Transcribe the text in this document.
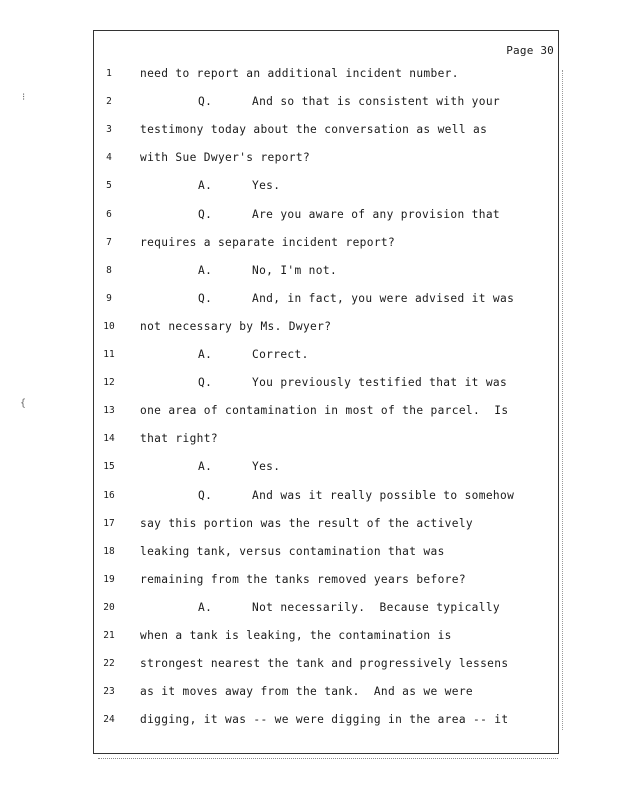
Page 30
1	need to report an additional incident number.
2	Q.	And so that is consistent with your
3	testimony today about the conversation as well as
4	with Sue Dwyer's report?
5	A.	Yes.
6	Q.	Are you aware of any provision that
7	requires a separate incident report?
8	A.	No, I'm not.
9	Q.	And, in fact, you were advised it was
10	not necessary by Ms. Dwyer?
11	A.	Correct.
12	Q.	You previously testified that it was
13	one area of contamination in most of the parcel.  Is
14	that right?
15	A.	Yes.
16	Q.	And was it really possible to somehow
17	say this portion was the result of the actively
18	leaking tank, versus contamination that was
19	remaining from the tanks removed years before?
20	A.	Not necessarily.  Because typically
21	when a tank is leaking, the contamination is
22	strongest nearest the tank and progressively lessens
23	as it moves away from the tank.  And as we were
24	digging, it was -- we were digging in the area -- it
⁝
{
